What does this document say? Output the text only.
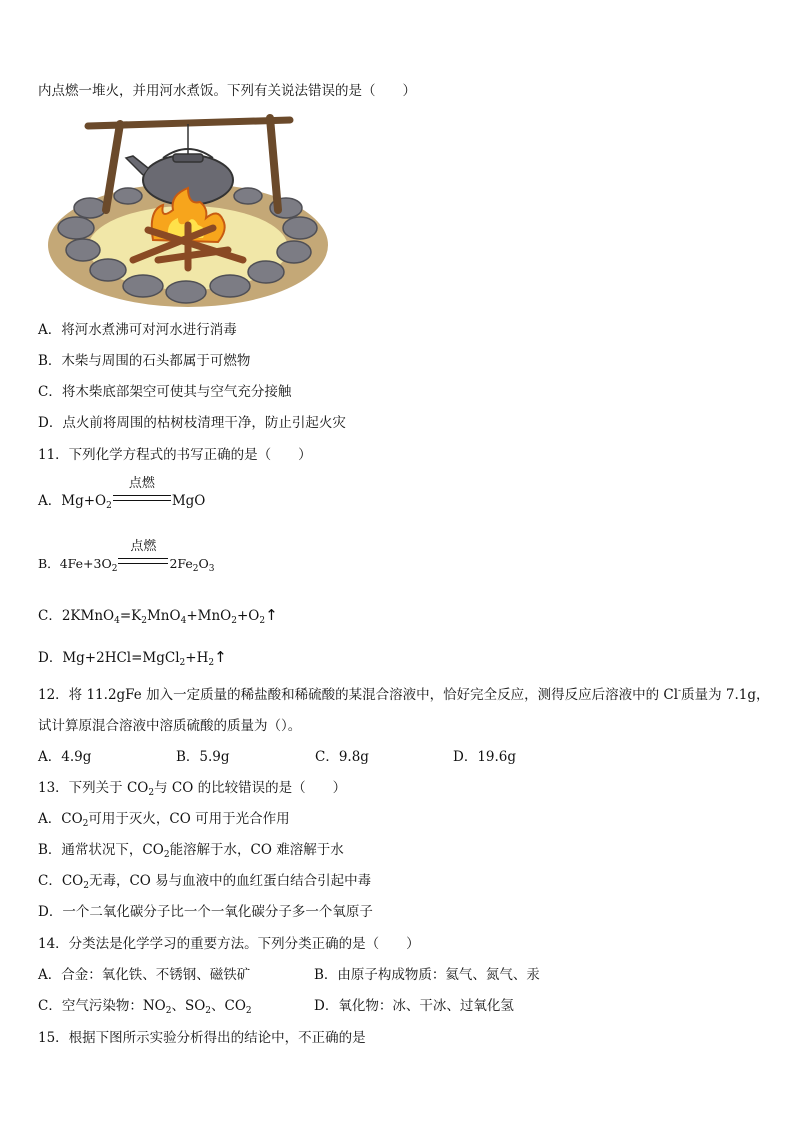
内点燃一堆火，并用河水煮饭。下列有关说法错误的是（　　）
A．将河水煮沸可对河水进行消毒
B．木柴与周围的石头都属于可燃物
C．将木柴底部架空可使其与空气充分接触
D．点火前将周围的枯树枝清理干净，防止引起火灾
11．下列化学方程式的书写正确的是（　　）
A．$Mg+O_2$
点燃
MgO
B．$4Fe+3O_2$
点燃
$2Fe_2O_3$
C．$2KMnO_4=K_2MnO_4+MnO_2+O_2↑$
D．$Mg+2HCl=MgCl_2+H_2↑$
12．将 11.2gFe 加入一定质量的稀盐酸和稀硫酸的某混合溶液中，恰好完全反应，测得反应后溶液中的 Cl-质量为 7.1g，
试计算原混合溶液中溶质硫酸的质量为（）。
A．4.9g	B．5.9g	C．9.8g	D．19.6g
13．下列关于 $CO_2$与 CO 的比较错误的是（　　）
A．$CO_2$可用于灭火，CO 可用于光合作用
B．通常状况下，$CO_2$能溶解于水，CO 难溶解于水
C．$CO_2$无毒，CO 易与血液中的血红蛋白结合引起中毒
D．一个二氧化碳分子比一个一氧化碳分子多一个氧原子
14．分类法是化学学习的重要方法。下列分类正确的是（　　）
A．合金：氧化铁、不锈钢、磁铁矿	B．由原子构成物质：氦气、氮气、汞
C．空气污染物：$NO_2$、$SO_2$、$CO_2$	D．氧化物：冰、干冰、过氧化氢
15．根据下图所示实验分析得出的结论中，不正确的是
